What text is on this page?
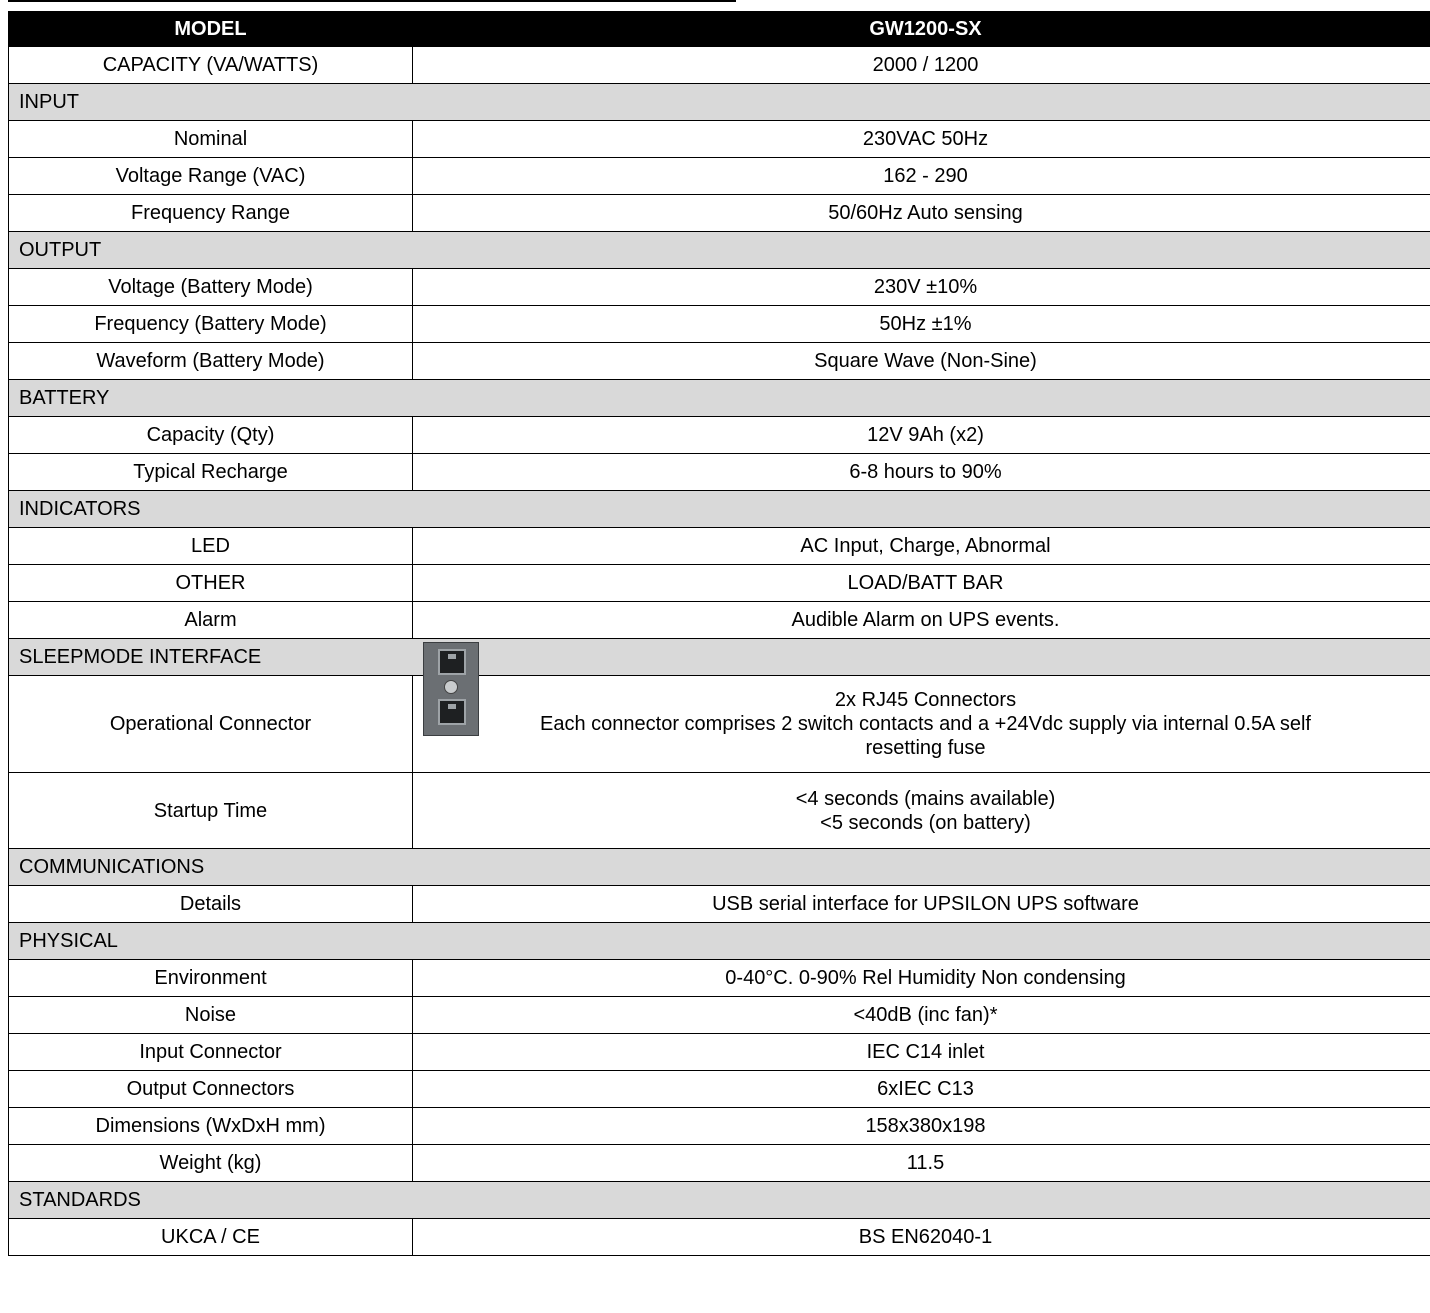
MODEL	GW1200-SX
CAPACITY (VA/WATTS)	2000 / 1200
INPUT	
Nominal	230VAC 50Hz
Voltage Range (VAC)	162 - 290
Frequency Range	50/60Hz Auto sensing
OUTPUT	
Voltage (Battery Mode)	230V ±10%
Frequency (Battery Mode)	50Hz ±1%
Waveform (Battery Mode)	Square Wave (Non-Sine)
BATTERY	
Capacity (Qty)	12V 9Ah (x2)
Typical Recharge	6-8 hours to 90%
INDICATORS	
LED	AC Input, Charge, Abnormal
OTHER	LOAD/BATT BAR
Alarm	Audible Alarm on UPS events.
SLEEPMODE INTERFACE	
Operational Connector	2x RJ45 Connectors
Each connector comprises 2 switch contacts and a +24Vdc supply via internal 0.5A self
resetting fuse

Startup Time	<4 seconds (mains available)
<5 seconds (on battery)

COMMUNICATIONS	
Details	USB serial interface for UPSILON UPS software
PHYSICAL	
Environment	0-40°C. 0-90% Rel Humidity Non condensing
Noise	<40dB (inc fan)*
Input Connector	IEC C14 inlet
Output Connectors	6xIEC C13
Dimensions (WxDxH mm)	158x380x198
Weight (kg)	11.5
STANDARDS	
UKCA / CE	BS EN62040-1
